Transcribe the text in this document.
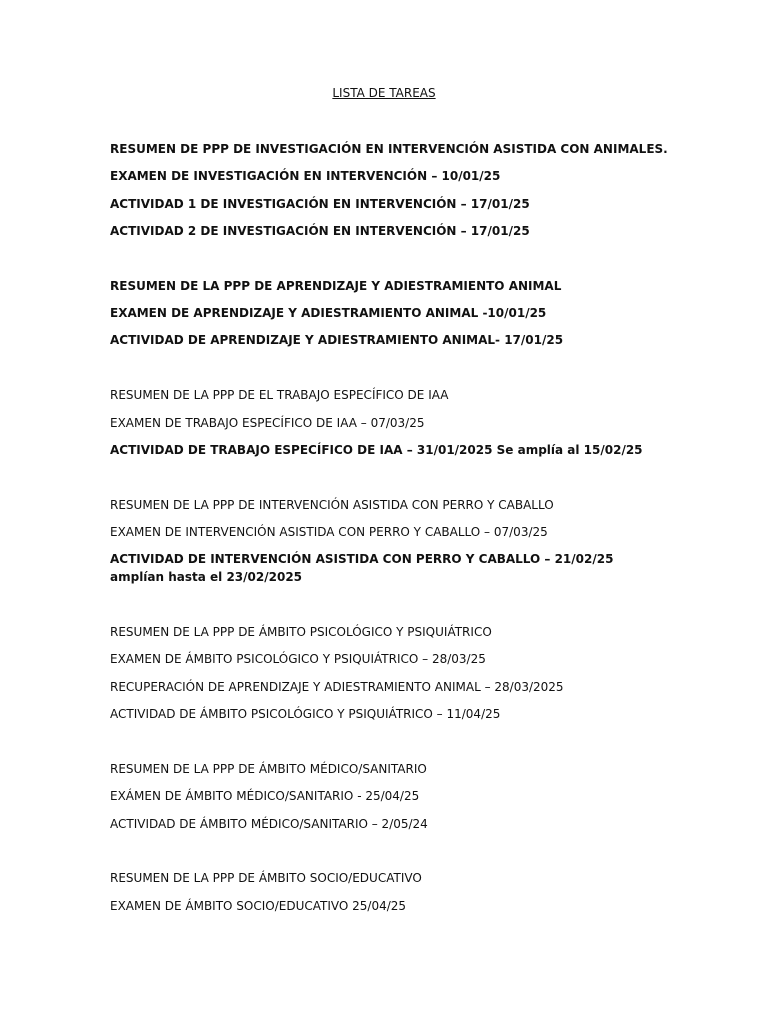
LISTA DE TAREAS
RESUMEN DE PPP DE INVESTIGACIÓN EN INTERVENCIÓN ASISTIDA CON ANIMALES.
EXAMEN DE INVESTIGACIÓN EN INTERVENCIÓN – 10/01/25
ACTIVIDAD 1 DE INVESTIGACIÓN EN INTERVENCIÓN – 17/01/25
ACTIVIDAD 2 DE INVESTIGACIÓN EN INTERVENCIÓN – 17/01/25
RESUMEN DE LA PPP DE APRENDIZAJE Y ADIESTRAMIENTO ANIMAL
EXAMEN DE APRENDIZAJE Y ADIESTRAMIENTO ANIMAL -10/01/25
ACTIVIDAD DE APRENDIZAJE Y ADIESTRAMIENTO ANIMAL- 17/01/25
RESUMEN DE LA PPP DE EL TRABAJO ESPECÍFICO DE IAA
EXAMEN DE TRABAJO ESPECÍFICO DE IAA – 07/03/25
ACTIVIDAD DE TRABAJO ESPECÍFICO DE IAA – 31/01/2025 Se amplía al 15/02/25
RESUMEN DE LA PPP DE INTERVENCIÓN ASISTIDA CON PERRO Y CABALLO
EXAMEN DE INTERVENCIÓN ASISTIDA CON PERRO Y CABALLO – 07/03/25
ACTIVIDAD DE INTERVENCIÓN ASISTIDA CON PERRO Y CABALLO – 21/02/25 amplían hasta el 23/02/2025
RESUMEN DE LA PPP DE ÁMBITO PSICOLÓGICO Y PSIQUIÁTRICO
EXAMEN DE ÁMBITO PSICOLÓGICO Y PSIQUIÁTRICO – 28/03/25
RECUPERACIÓN DE APRENDIZAJE Y ADIESTRAMIENTO ANIMAL – 28/03/2025
ACTIVIDAD DE ÁMBITO PSICOLÓGICO Y PSIQUIÁTRICO – 11/04/25
RESUMEN DE LA PPP DE ÁMBITO MÉDICO/SANITARIO
EXÁMEN DE ÁMBITO MÉDICO/SANITARIO - 25/04/25
ACTIVIDAD DE ÁMBITO MÉDICO/SANITARIO – 2/05/24
RESUMEN DE LA PPP DE ÁMBITO SOCIO/EDUCATIVO
EXAMEN DE ÁMBITO SOCIO/EDUCATIVO 25/04/25
